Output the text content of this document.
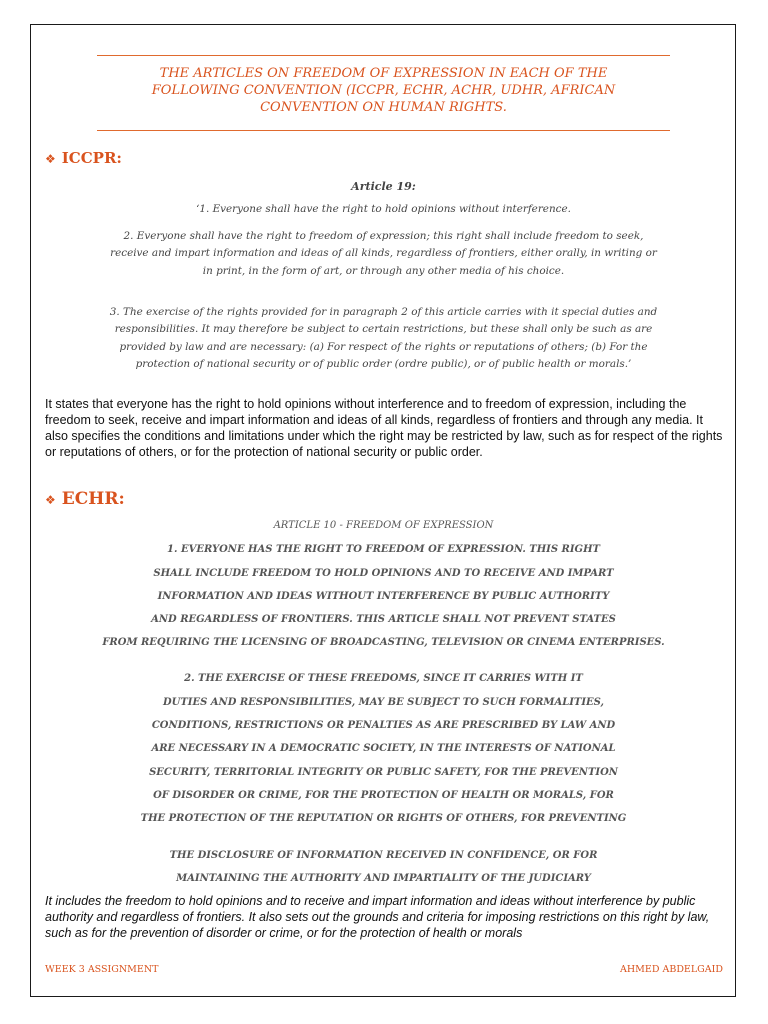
THE ARTICLES ON FREEDOM OF EXPRESSION IN EACH OF THE
FOLLOWING CONVENTION (ICCPR, ECHR, ACHR, UDHR, AFRICAN
CONVENTION ON HUMAN RIGHTS.
❖ ICCPR:
Article 19:
‘1. Everyone shall have the right to hold opinions without interference.
2. Everyone shall have the right to freedom of expression; this right shall include freedom to seek, receive and impart information and ideas of all kinds, regardless of frontiers, either orally, in writing or in print, in the form of art, or through any other media of his choice.
3. The exercise of the rights provided for in paragraph 2 of this article carries with it special duties and responsibilities. It may therefore be subject to certain restrictions, but these shall only be such as are provided by law and are necessary: (a) For respect of the rights or reputations of others; (b) For the protection of national security or of public order (ordre public), or of public health or morals.’
It states that everyone has the right to hold opinions without interference and to freedom of expression, including the freedom to seek, receive and impart information and ideas of all kinds, regardless of frontiers and through any media. It also specifies the conditions and limitations under which the right may be restricted by law, such as for respect of the rights or reputations of others, or for the protection of national security or public order.
❖ ECHR:
ARTICLE 10 - FREEDOM OF EXPRESSION
1. EVERYONE HAS THE RIGHT TO FREEDOM OF EXPRESSION. THIS RIGHT
SHALL INCLUDE FREEDOM TO HOLD OPINIONS AND TO RECEIVE AND IMPART
INFORMATION AND IDEAS WITHOUT INTERFERENCE BY PUBLIC AUTHORITY
AND REGARDLESS OF FRONTIERS. THIS ARTICLE SHALL NOT PREVENT STATES
FROM REQUIRING THE LICENSING OF BROADCASTING, TELEVISION OR CINEMA ENTERPRISES.
2. THE EXERCISE OF THESE FREEDOMS, SINCE IT CARRIES WITH IT
DUTIES AND RESPONSIBILITIES, MAY BE SUBJECT TO SUCH FORMALITIES,
CONDITIONS, RESTRICTIONS OR PENALTIES AS ARE PRESCRIBED BY LAW AND
ARE NECESSARY IN A DEMOCRATIC SOCIETY, IN THE INTERESTS OF NATIONAL
SECURITY, TERRITORIAL INTEGRITY OR PUBLIC SAFETY, FOR THE PREVENTION
OF DISORDER OR CRIME, FOR THE PROTECTION OF HEALTH OR MORALS, FOR
THE PROTECTION OF THE REPUTATION OR RIGHTS OF OTHERS, FOR PREVENTING
THE DISCLOSURE OF INFORMATION RECEIVED IN CONFIDENCE, OR FOR
MAINTAINING THE AUTHORITY AND IMPARTIALITY OF THE JUDICIARY
It includes the freedom to hold opinions and to receive and impart information and ideas without interference by public authority and regardless of frontiers. It also sets out the grounds and criteria for imposing restrictions on this right by law, such as for the prevention of disorder or crime, or for the protection of health or morals
WEEK 3 ASSIGNMENT	AHMED ABDELGAID
